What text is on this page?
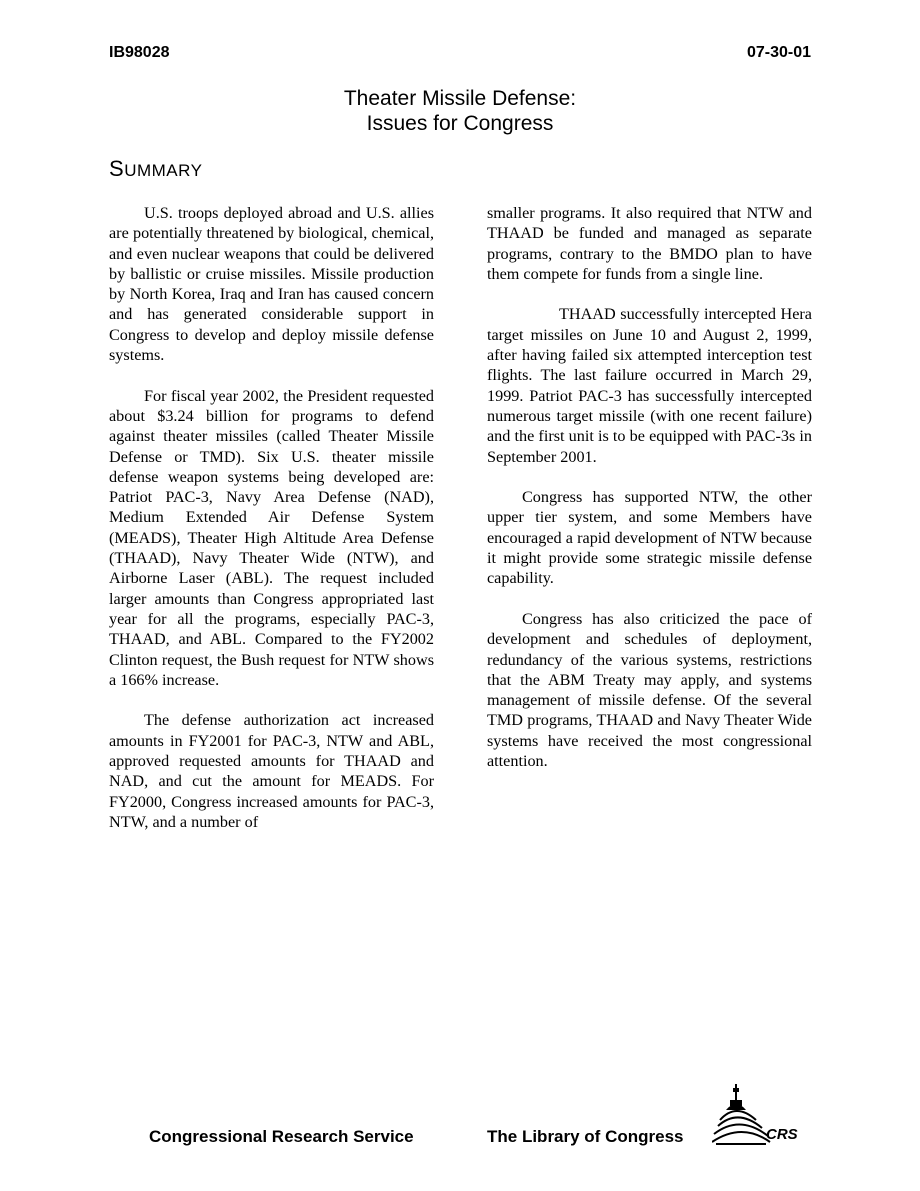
IB98028	07-30-01
Theater Missile Defense:
Issues for Congress
SUMMARY

U.S. troops deployed abroad and U.S. allies are potentially threatened by biological, chemical, and even nuclear weapons that could be delivered by ballistic or cruise missiles. Missile production by North Korea, Iraq and Iran has caused concern and has generated considerable support in Congress to develop and deploy missile defense systems.

For fiscal year 2002, the President requested about $3.24 billion for programs to defend against theater missiles (called Theater Missile Defense or TMD). Six U.S. theater missile defense weapon systems being developed are: Patriot PAC-3, Navy Area Defense (NAD), Medium Extended Air Defense System (MEADS), Theater High Altitude Area Defense (THAAD), Navy Theater Wide (NTW), and Airborne Laser (ABL). The request included larger amounts than Congress appropriated last year for all the programs, especially PAC-3, THAAD, and ABL. Compared to the FY2002 Clinton request, the Bush request for NTW shows a 166% increase.

The defense authorization act increased amounts in FY2001 for PAC-3, NTW and ABL, approved requested amounts for THAAD and NAD, and cut the amount for MEADS. For FY2000, Congress increased amounts for PAC-3, NTW, and a number of

smaller programs. It also required that NTW and THAAD be funded and managed as separate programs, contrary to the BMDO plan to have them compete for funds from a single line.

THAAD successfully intercepted Hera target missiles on June 10 and August 2, 1999, after having failed six attempted interception test flights. The last failure occurred in March 29, 1999. Patriot PAC-3 has successfully intercepted numerous target missile (with one recent failure) and the first unit is to be equipped with PAC-3s in September 2001.

Congress has supported NTW, the other upper tier system, and some Members have encouraged a rapid development of NTW because it might provide some strategic missile defense capability.

Congress has also criticized the pace of development and schedules of deployment, redundancy of the various systems, restrictions that the ABM Treaty may apply, and systems management of missile defense. Of the several TMD programs, THAAD and Navy Theater Wide systems have received the most congressional attention.

Congressional Research Service	The Library of Congress	CRS
